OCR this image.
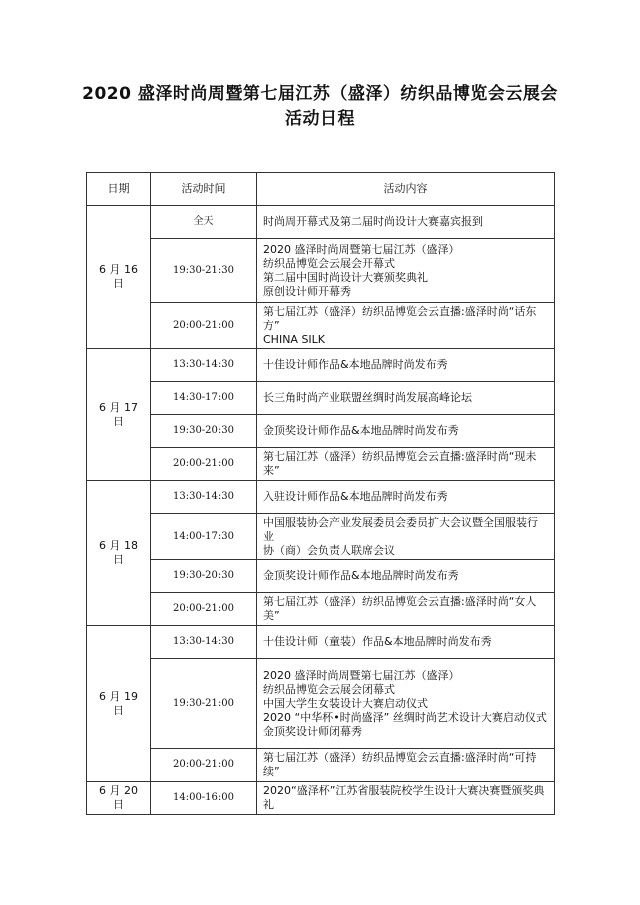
2020 盛泽时尚周暨第七届江苏（盛泽）纺织品博览会云展会
活动日程
日期	活动时间	活动内容
6 月 16 日	全天	时尚周开幕式及第二届时尚设计大赛嘉宾报到

	19:30-21:30	2020 盛泽时尚周暨第七届江苏（盛泽）
纺织品博览会云展会开幕式
第二届中国时尚设计大赛颁奖典礼
原创设计师开幕秀

	20:00-21:00	第七届江苏（盛泽）纺织品博览会云直播:盛泽时尚“话东方”
CHINA SILK

6 月 17 日	13:30-14:30	十佳设计师作品&本地品牌时尚发布秀

	14:30-17:00	长三角时尚产业联盟丝绸时尚发展高峰论坛

	19:30-20:30	金顶奖设计师作品&本地品牌时尚发布秀

	20:00-21:00	第七届江苏（盛泽）纺织品博览会云直播:盛泽时尚“现未来”

6 月 18 日	13:30-14:30	入驻设计师作品&本地品牌时尚发布秀

	14:00-17:30	中国服装协会产业发展委员会委员扩大会议暨全国服装行业
协（商）会负责人联席会议

	19:30-20:30	金顶奖设计师作品&本地品牌时尚发布秀

	20:00-21:00	第七届江苏（盛泽）纺织品博览会云直播:盛泽时尚“女人美”

6 月 19 日	13:30-14:30	十佳设计师（童装）作品&本地品牌时尚发布秀

	19:30-21:00	2020 盛泽时尚周暨第七届江苏（盛泽）
纺织品博览会云展会闭幕式
中国大学生女装设计大赛启动仪式
2020 “中华杯•时尚盛泽” 丝绸时尚艺术设计大赛启动仪式
金顶奖设计师闭幕秀

	20:00-21:00	第七届江苏（盛泽）纺织品博览会云直播:盛泽时尚“可持续”

6 月 20 日	14:00-16:00	2020“盛泽杯”江苏省服装院校学生设计大赛决赛暨颁奖典礼
